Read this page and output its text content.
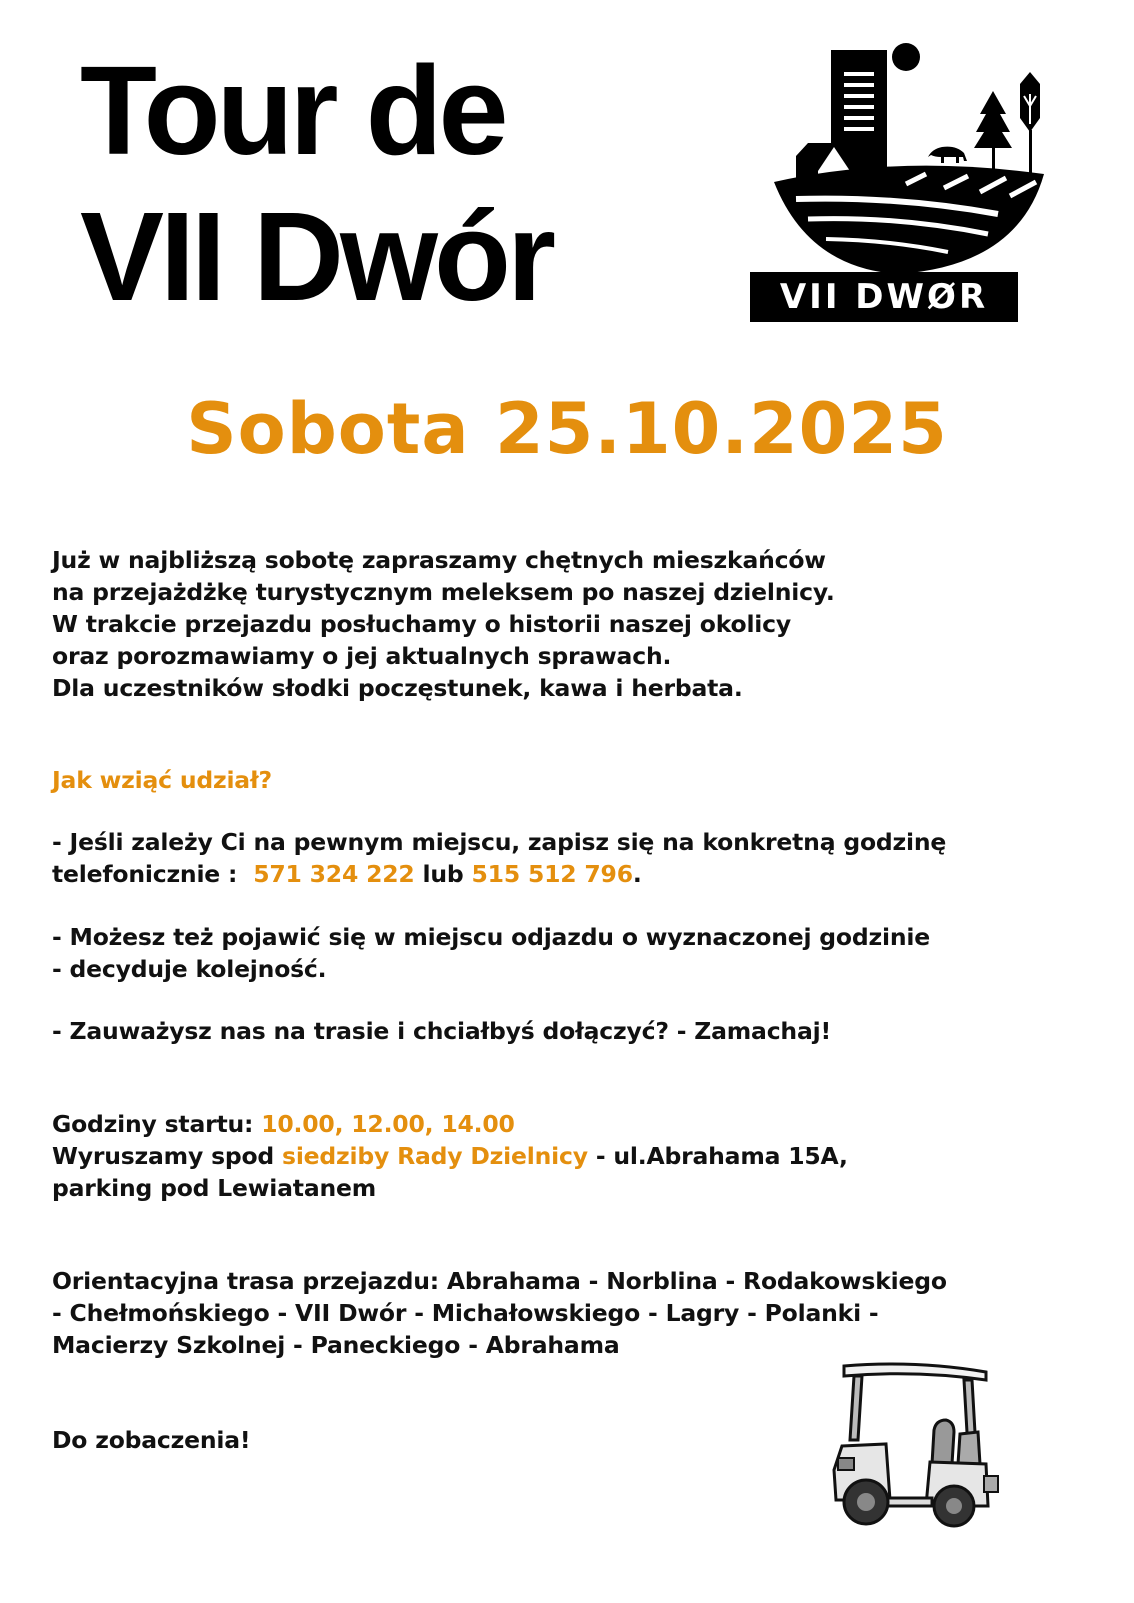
Tour de
VII Dwór	VII DWØR
Sobota 25.10.2025
Już w najbliższą sobotę zapraszamy chętnych mieszkańców
na przejażdżkę turystycznym meleksem po naszej dzielnicy.
W trakcie przejazdu posłuchamy o historii naszej okolicy
oraz porozmawiamy o jej aktualnych sprawach.
Dla uczestników słodki poczęstunek, kawa i herbata.
Jak wziąć udział?
- Jeśli zależy Ci na pewnym miejscu, zapisz się na konkretną godzinę
telefonicznie :  571 324 222 lub 515 512 796.
- Możesz też pojawić się w miejscu odjazdu o wyznaczonej godzinie
- decyduje kolejność.
- Zauważysz nas na trasie i chciałbyś dołączyć? - Zamachaj!
Godziny startu: 10.00, 12.00, 14.00
Wyruszamy spod siedziby Rady Dzielnicy - ul.Abrahama 15A,
parking pod Lewiatanem
Orientacyjna trasa przejazdu: Abrahama - Norblina - Rodakowskiego
- Chełmońskiego - VII Dwór - Michałowskiego - Lagry - Polanki -
Macierzy Szkolnej - Paneckiego - Abrahama
Do zobaczenia!
